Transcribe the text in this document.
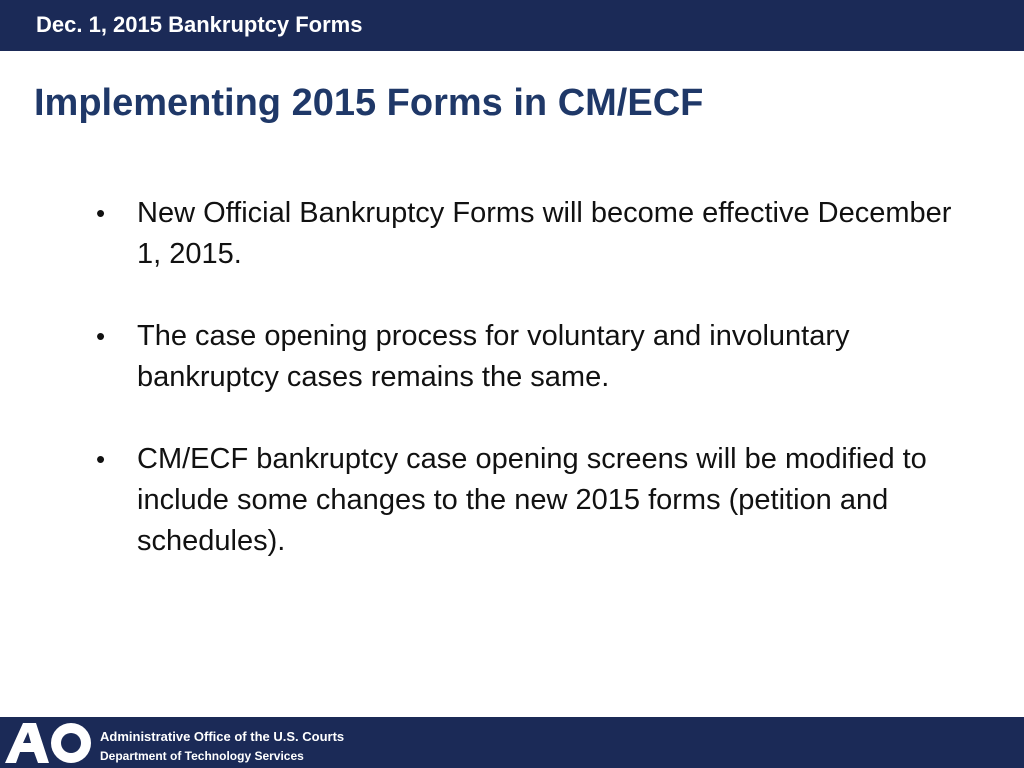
Dec. 1, 2015 Bankruptcy Forms
Implementing 2015 Forms in CM/ECF
• New Official Bankruptcy Forms will become effective December 1, 2015.
• The case opening process for voluntary and involuntary bankruptcy cases remains the same.
• CM/ECF bankruptcy case opening screens will be modified to include some changes to the new 2015 forms (petition and schedules).
Administrative Office of the U.S. Courts
Department of Technology Services
